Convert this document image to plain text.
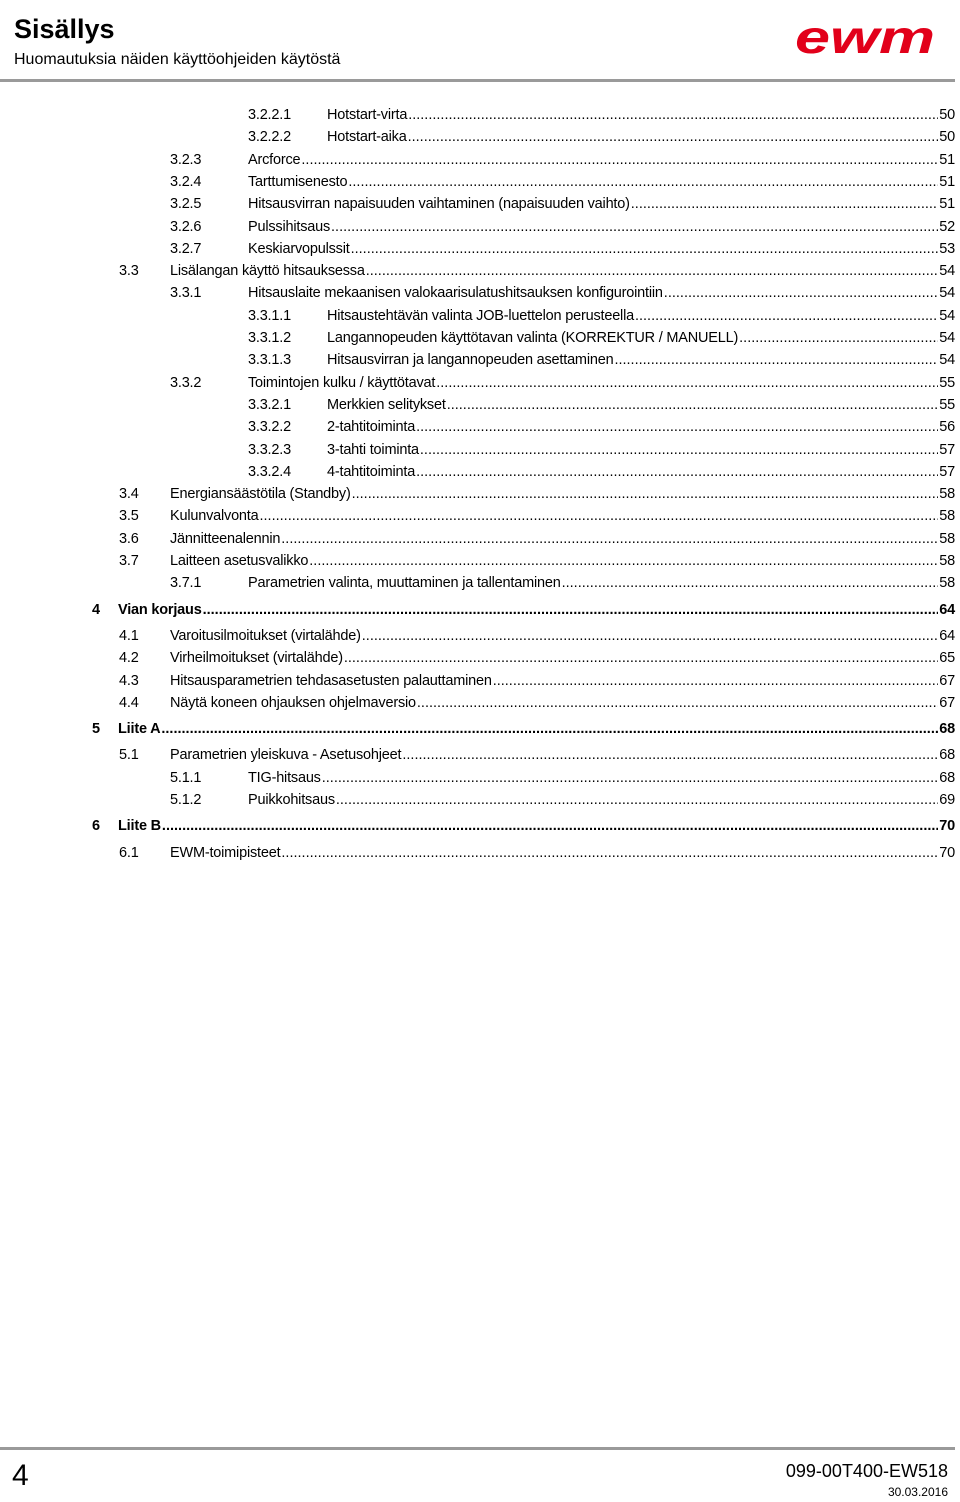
Sisällys
Huomautuksia näiden käyttöohjeiden käytöstä	ewm
3.2.2.1 Hotstart-virta .....	50
3.2.2.2 Hotstart-aika .....	50
3.2.3	Arcforce .....	51
3.2.4	Tarttumisenesto .....	51
3.2.5	Hitsausvirran napaisuuden vaihtaminen (napaisuuden vaihto) .....	51
3.2.6	Pulssihitsaus .....	52
3.2.7	Keskiarvopulssit .....	53
3.3 Lisälangan käyttö hitsauksessa .....	54
3.3.1	Hitsauslaite mekaanisen valokaarisulatushitsauksen konfigurointiin .....	54
3.3.1.1 Hitsaustehtävän valinta JOB-luettelon perusteella .....	54
3.3.1.2 Langannopeuden käyttötavan valinta (KORREKTUR / MANUELL) .....	54
3.3.1.3 Hitsausvirran ja langannopeuden asettaminen .....	54
3.3.2	Toimintojen kulku / käyttötavat .....	55
3.3.2.1 Merkkien selitykset .....	55
3.3.2.2 2-tahtitoiminta .....	56
3.3.2.3 3-tahti toiminta .....	57
3.3.2.4 4-tahtitoiminta .....	57
3.4 Energiansäästötila (Standby) .....	58
3.5 Kulunvalvonta .....	58
3.6 Jännitteenalennin .....	58
3.7 Laitteen asetusvalikko .....	58
3.7.1	Parametrien valinta, muuttaminen ja tallentaminen .....	58
4 Vian korjaus .....	64
4.1 Varoitusilmoitukset (virtalähde) .....	64
4.2 Virheilmoitukset (virtalähde) .....	65
4.3 Hitsausparametrien tehdasasetusten palauttaminen .....	67
4.4 Näytä koneen ohjauksen ohjelmaversio .....	67
5 Liite A .....	68
5.1 Parametrien yleiskuva - Asetusohjeet .....	68
5.1.1	TIG-hitsaus .....	68
5.1.2	Puikkohitsaus .....	69
6 Liite B .....	70
6.1 EWM-toimipisteet .....	70
4	099-00T400-EW518
30.03.2016
